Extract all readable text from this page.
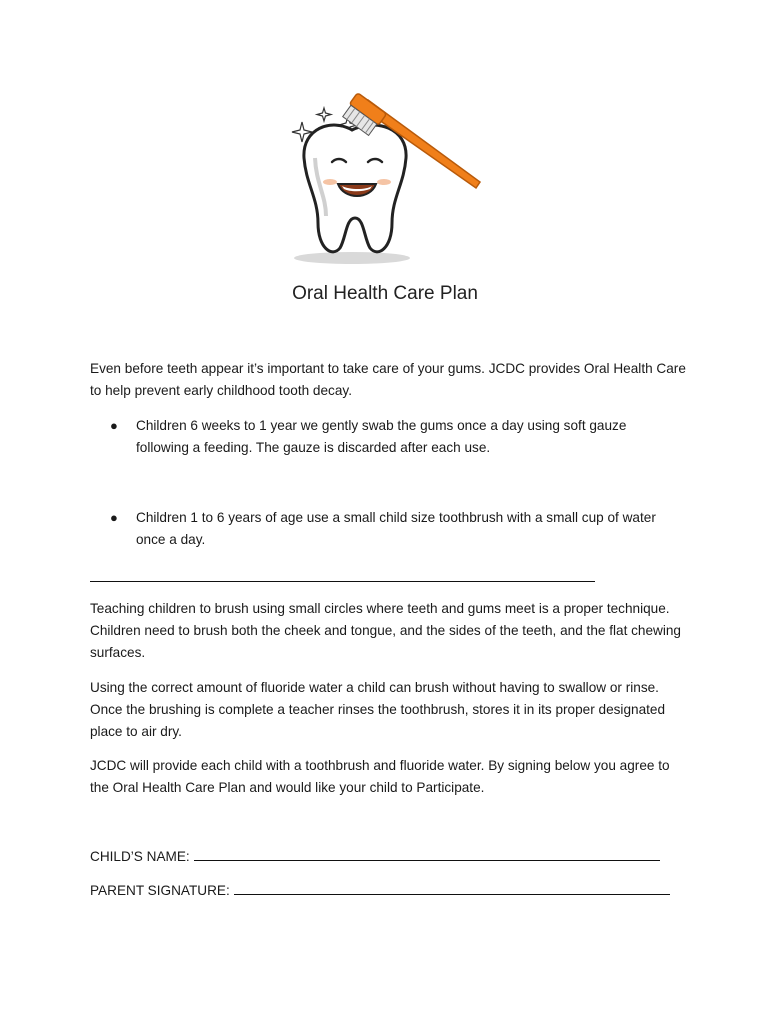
Oral Health Care Plan

Even before teeth appear it’s important to take care of your gums. JCDC provides Oral Health Care to help prevent early childhood tooth decay.

●	Children 6 weeks to 1 year we gently swab the gums once a day using soft gauze following a feeding. The gauze is discarded after each use.
●	Children 1 to 6 years of age use a small child size toothbrush with a small cup of water once a day.

Teaching children to brush using small circles where teeth and gums meet is a proper technique. Children need to brush both the cheek and tongue, and the sides of the teeth, and the flat chewing surfaces.

Using the correct amount of fluoride water a child can brush without having to swallow or rinse. Once the brushing is complete a teacher rinses the toothbrush, stores it in its proper designated place to air dry.

JCDC will provide each child with a toothbrush and fluoride water. By signing below you agree to the Oral Health Care Plan and would like your child to Participate.

CHILD’S NAME:
PARENT SIGNATURE:
